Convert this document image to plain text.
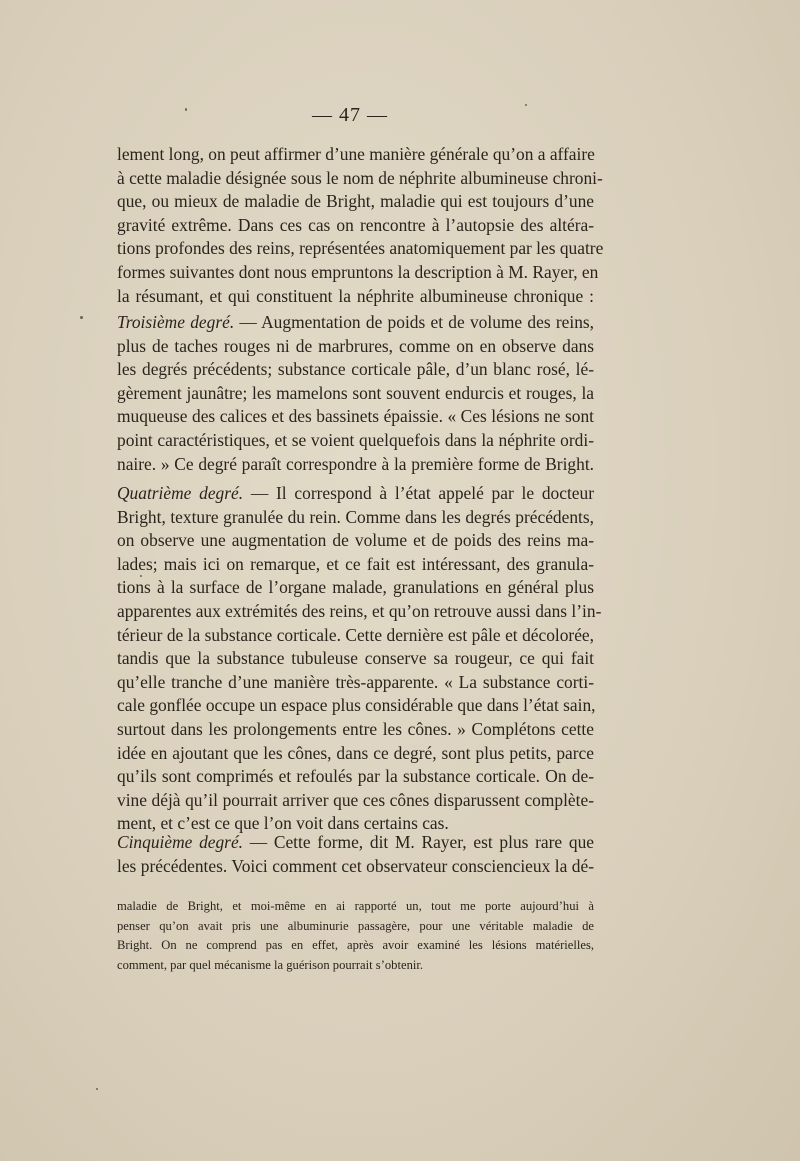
— 47 —
lement long, on peut affirmer d’une manière générale qu’on a affaire
à cette maladie désignée sous le nom de néphrite albumineuse chroni-
que, ou mieux de maladie de Bright, maladie qui est toujours d’une
gravité extrême. Dans ces cas on rencontre à l’autopsie des altéra-
tions profondes des reins, représentées anatomiquement par les quatre
formes suivantes dont nous empruntons la description à M. Rayer, en
la résumant, et qui constituent la néphrite albumineuse chronique :
Troisième degré. — Augmentation de poids et de volume des reins,
plus de taches rouges ni de marbrures, comme on en observe dans
les degrés précédents; substance corticale pâle, d’un blanc rosé, lé-
gèrement jaunâtre; les mamelons sont souvent endurcis et rouges, la
muqueuse des calices et des bassinets épaissie. « Ces lésions ne sont
point caractéristiques, et se voient quelquefois dans la néphrite ordi-
naire. » Ce degré paraît correspondre à la première forme de Bright.
Quatrième degré. — Il correspond à l’état appelé par le docteur
Bright, texture granulée du rein. Comme dans les degrés précédents,
on observe une augmentation de volume et de poids des reins ma-
lades; mais ici on remarque, et ce fait est intéressant, des granula-
tions à la surface de l’organe malade, granulations en général plus
apparentes aux extrémités des reins, et qu’on retrouve aussi dans l’in-
térieur de la substance corticale. Cette dernière est pâle et décolorée,
tandis que la substance tubuleuse conserve sa rougeur, ce qui fait
qu’elle tranche d’une manière très-apparente. « La substance corti-
cale gonflée occupe un espace plus considérable que dans l’état sain,
surtout dans les prolongements entre les cônes. » Complétons cette
idée en ajoutant que les cônes, dans ce degré, sont plus petits, parce
qu’ils sont comprimés et refoulés par la substance corticale. On de-
vine déjà qu’il pourrait arriver que ces cônes disparussent complète-
ment, et c’est ce que l’on voit dans certains cas.
Cinquième degré. — Cette forme, dit M. Rayer, est plus rare que
les précédentes. Voici comment cet observateur consciencieux la dé-
maladie de Bright, et moi-même en ai rapporté un, tout me porte aujourd’hui à
penser qu’on avait pris une albuminurie passagère, pour une véritable maladie de
Bright. On ne comprend pas en effet, après avoir examiné les lésions matérielles,
comment, par quel mécanisme la guérison pourrait s’obtenir.
